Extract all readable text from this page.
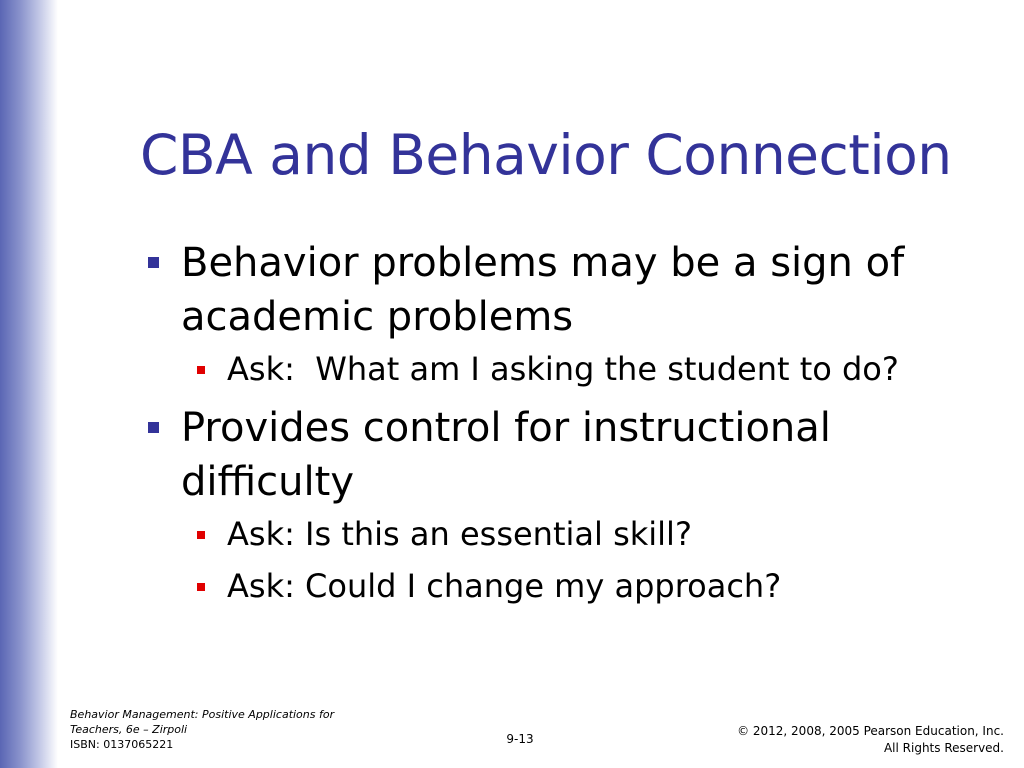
CBA and Behavior Connection
Behavior problems may be a sign of academic problems
Ask:  What am I asking the student to do?
Provides control for instructional difficulty
Ask: Is this an essential skill?
Ask: Could I change my approach?
Behavior Management: Positive Applications for Teachers, 6e – Zirpoli
ISBN: 0137065221	9-13
© 2012, 2008, 2005 Pearson Education, Inc.
All Rights Reserved.
